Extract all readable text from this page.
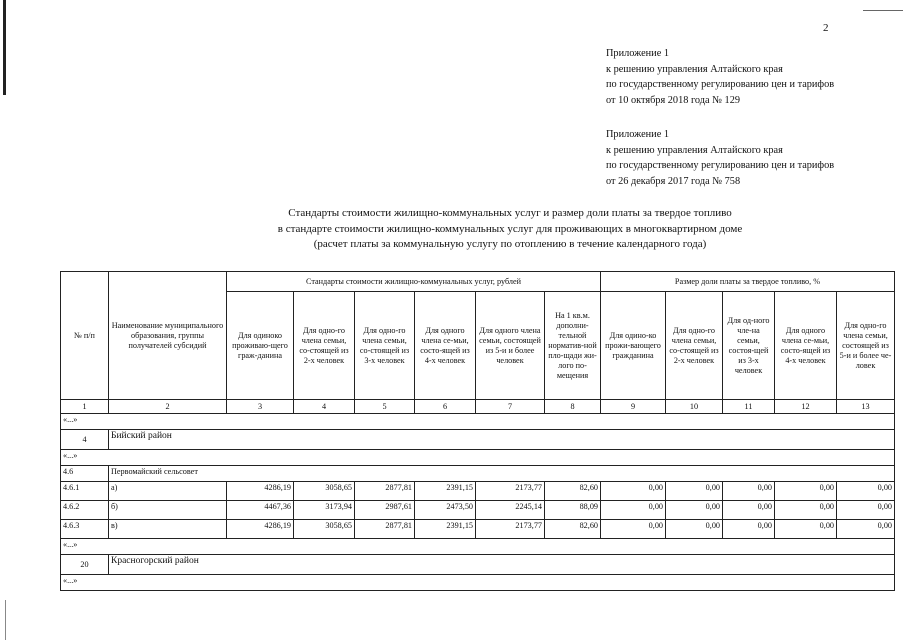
2
Приложение 1
к решению управления Алтайского края
по государственному регулированию цен и тарифов
от 10 октября 2018 года № 129
Приложение 1
к решению управления Алтайского края
по государственному регулированию цен и тарифов
от 26 декабря 2017 года № 758
Стандарты стоимости жилищно-коммунальных услуг и размер доли платы за твердое топливо
в стандарте стоимости жилищно-коммунальных услуг для проживающих в многоквартирном доме
(расчет платы за коммунальную услугу по отоплению в течение календарного года)
№ п/п	Наименование муниципального образования, группы получателей субсидий	Стандарты стоимости жилищно-коммунальных услуг, рублей						Размер доли платы за твердое топливо, %				
		Для одиноко проживаю-щего граж-данина	Для одно-го члена семьи, со-стоящей из 2-х человек	Для одно-го члена семьи, со-стоящей из 3-х человек	Для одного члена се-мьи, состо-ящей из 4-х человек	Для одного члена семьи, состоящей из 5-и и более человек	На 1 кв.м. дополни-тельной норматив-ной пло-щади жи-лого по-мещения	Для одино-ко прожи-вающего гражданина	Для одно-го члена семьи, со-стоящей из 2-х человек	Для од-ного чле-на семьи, состоя-щей из 3-х человек	Для одного члена се-мьи, состо-ящей из 4-х человек	Для одно-го члена семьи, состоящей из 5-и и более че-ловек
1	2	3	4	5	6	7	8	9	10	11	12	13
«...»												
4	Бийский район											
«...»												
4.6	Первомайский сельсовет											
4.6.1	а)	4286,19	3058,65	2877,81	2391,15	2173,77	82,60	0,00	0,00	0,00	0,00	0,00
4.6.2	б)	4467,36	3173,94	2987,61	2473,50	2245,14	88,09	0,00	0,00	0,00	0,00	0,00
4.6.3	в)	4286,19	3058,65	2877,81	2391,15	2173,77	82,60	0,00	0,00	0,00	0,00	0,00
«...»												
20	Красногорский район											
«...»												
